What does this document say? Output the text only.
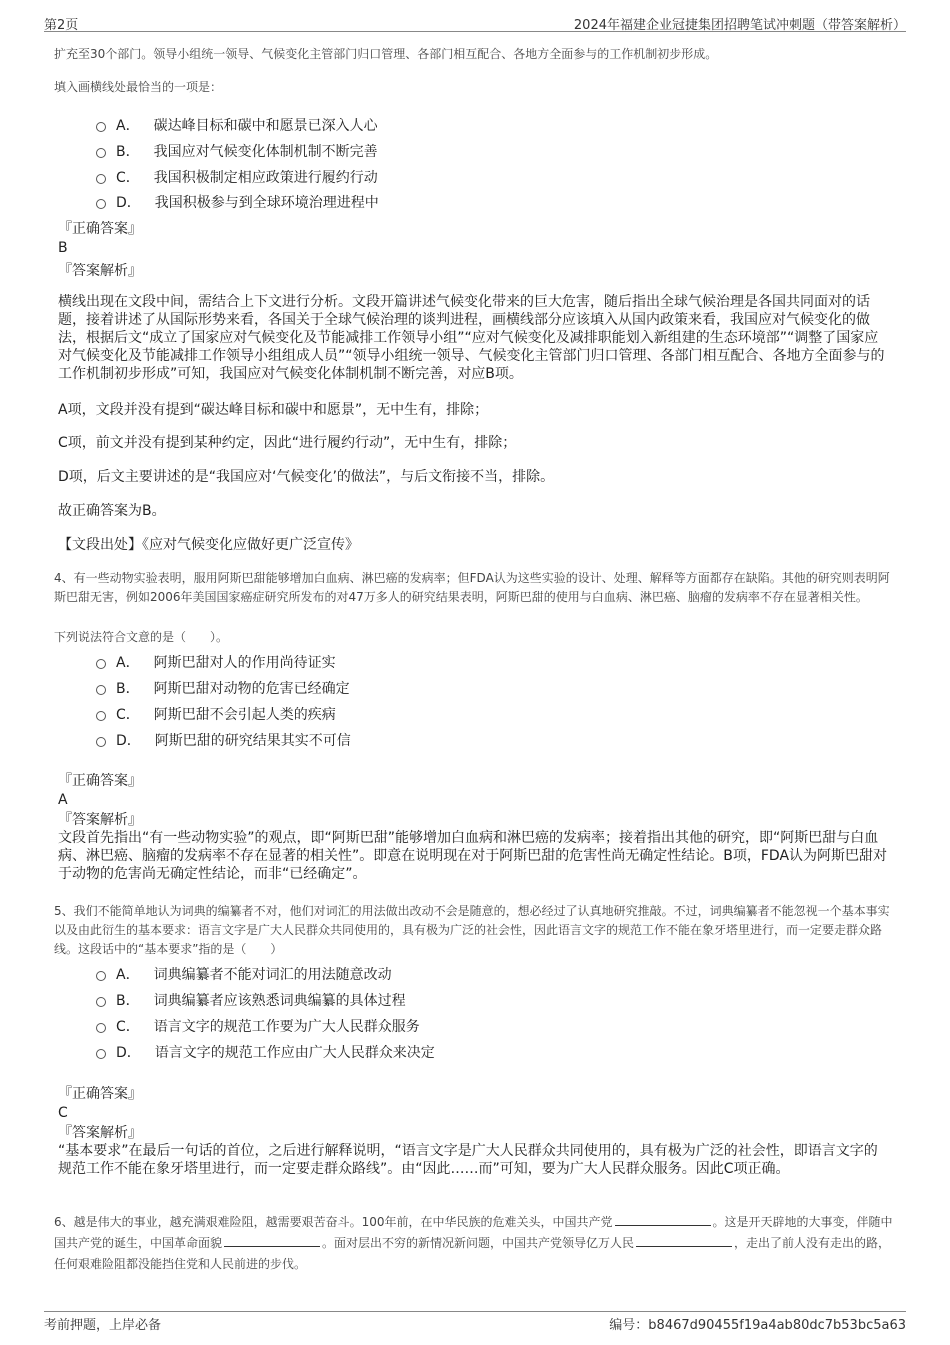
第2页	2024年福建企业冠捷集团招聘笔试冲刺题（带答案解析）
扩充至30个部门。领导小组统一领导、气候变化主管部门归口管理、各部门相互配合、各地方全面参与的工作机制初步形成。
填入画横线处最恰当的一项是：
A． 碳达峰目标和碳中和愿景已深入人心
B． 我国应对气候变化体制机制不断完善
C． 我国积极制定相应政策进行履约行动
D． 我国积极参与到全球环境治理进程中
『正确答案』
B
『答案解析』
横线出现在文段中间，需结合上下文进行分析。文段开篇讲述气候变化带来的巨大危害，随后指出全球气候治理是各国共同面对的话题，接着讲述了从国际形势来看，各国关于全球气候治理的谈判进程，画横线部分应该填入从国内政策来看，我国应对气候变化的做法，根据后文“成立了国家应对气候变化及节能减排工作领导小组”“应对气候变化及减排职能划入新组建的生态环境部”“调整了国家应对气候变化及节能减排工作领导小组组成人员”“领导小组统一领导、气候变化主管部门归口管理、各部门相互配合、各地方全面参与的工作机制初步形成”可知，我国应对气候变化体制机制不断完善，对应B项。
A项，文段并没有提到“碳达峰目标和碳中和愿景”，无中生有，排除；
C项，前文并没有提到某种约定，因此“进行履约行动”，无中生有，排除；
D项，后文主要讲述的是“我国应对‘气候变化’的做法”，与后文衔接不当，排除。
故正确答案为B。
【文段出处】《应对气候变化应做好更广泛宣传》
4、有一些动物实验表明，服用阿斯巴甜能够增加白血病、淋巴癌的发病率；但FDA认为这些实验的设计、处理、解释等方面都存在缺陷。其他的研究则表明阿斯巴甜无害，例如2006年美国国家癌症研究所发布的对47万多人的研究结果表明，阿斯巴甜的使用与白血病、淋巴癌、脑瘤的发病率不存在显著相关性。
下列说法符合文意的是（　　）。
A． 阿斯巴甜对人的作用尚待证实
B． 阿斯巴甜对动物的危害已经确定
C． 阿斯巴甜不会引起人类的疾病
D． 阿斯巴甜的研究结果其实不可信
『正确答案』
A
『答案解析』
文段首先指出“有一些动物实验”的观点，即“阿斯巴甜”能够增加白血病和淋巴癌的发病率；接着指出其他的研究，即“阿斯巴甜与白血病、淋巴癌、脑瘤的发病率不存在显著的相关性”。即意在说明现在对于阿斯巴甜的危害性尚无确定性结论。B项，FDA认为阿斯巴甜对于动物的危害尚无确定性结论，而非“已经确定”。
5、我们不能简单地认为词典的编纂者不对，他们对词汇的用法做出改动不会是随意的，想必经过了认真地研究推敲。不过，词典编纂者不能忽视一个基本事实以及由此衍生的基本要求：语言文字是广大人民群众共同使用的，具有极为广泛的社会性，因此语言文字的规范工作不能在象牙塔里进行，而一定要走群众路线。这段话中的“基本要求”指的是（　　）
A． 词典编纂者不能对词汇的用法随意改动
B． 词典编纂者应该熟悉词典编纂的具体过程
C． 语言文字的规范工作要为广大人民群众服务
D． 语言文字的规范工作应由广大人民群众来决定
『正确答案』
C
『答案解析』
“基本要求”在最后一句话的首位，之后进行解释说明，“语言文字是广大人民群众共同使用的，具有极为广泛的社会性，即语言文字的规范工作不能在象牙塔里进行，而一定要走群众路线”。由“因此……而”可知，要为广大人民群众服务。因此C项正确。
6、越是伟大的事业，越充满艰难险阻，越需要艰苦奋斗。100年前，在中华民族的危难关头，中国共产党	。这是开天辟地的大事变，伴随中国共产党的诞生，中国革命面貌	。面对层出不穷的新情况新问题，中国共产党领导亿万人民	，走出了前人没有走出的路，任何艰难险阻都没能挡住党和人民前进的步伐。
考前押题，上岸必备	编号：b8467d90455f19a4ab80dc7b53bc5a63
